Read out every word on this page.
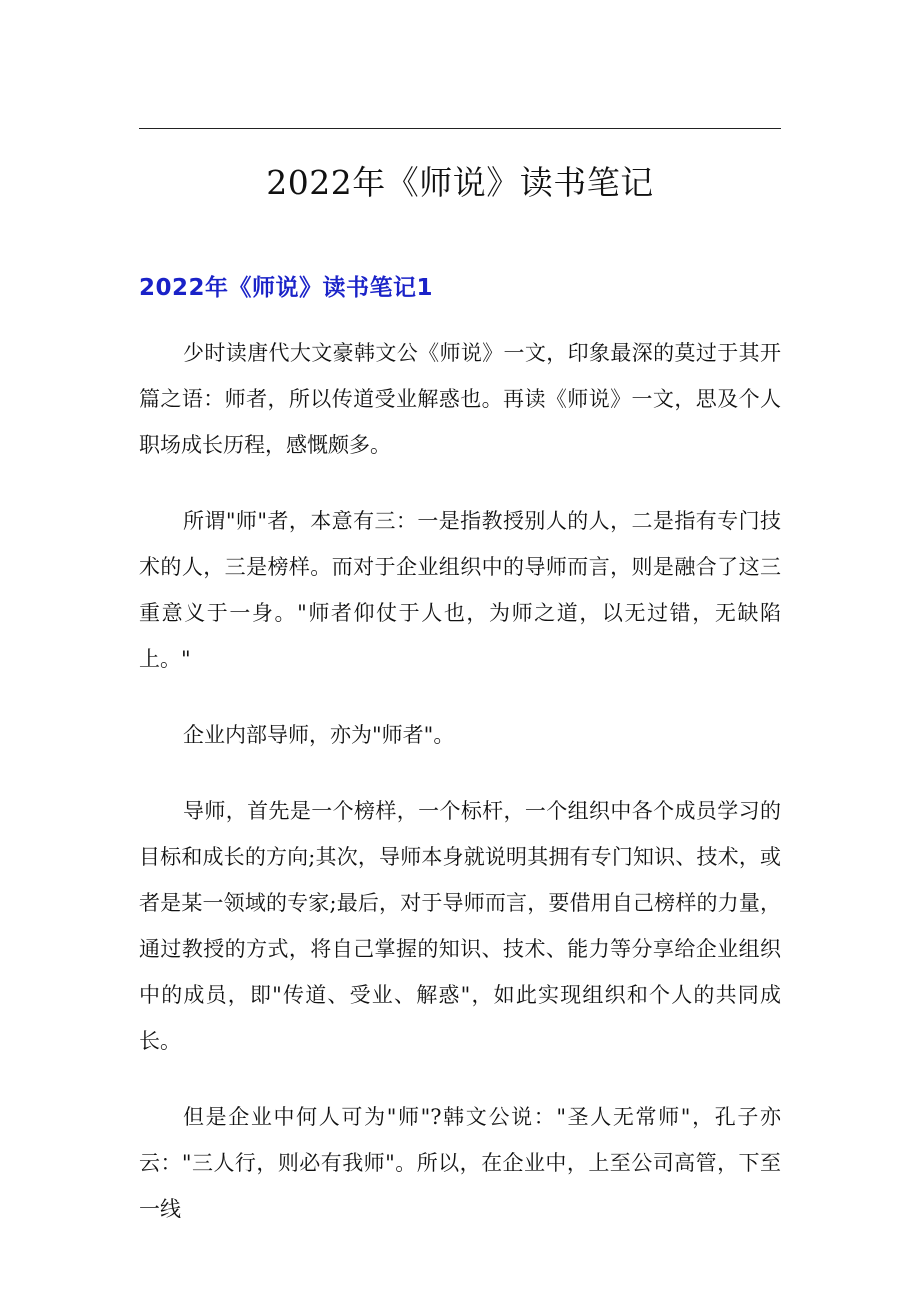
2022年《师说》读书笔记
2022年《师说》读书笔记1

少时读唐代大文豪韩文公《师说》一文，印象最深的莫过于其开篇之语：师者，所以传道受业解惑也。再读《师说》一文，思及个人职场成长历程，感慨颇多。

所谓"师"者，本意有三：一是指教授别人的人，二是指有专门技术的人，三是榜样。而对于企业组织中的导师而言，则是融合了这三重意义于一身。"师者仰仗于人也，为师之道，以无过错，无缺陷上。"

企业内部导师，亦为"师者"。

导师，首先是一个榜样，一个标杆，一个组织中各个成员学习的目标和成长的方向;其次，导师本身就说明其拥有专门知识、技术，或者是某一领域的专家;最后，对于导师而言，要借用自己榜样的力量，通过教授的方式，将自己掌握的知识、技术、能力等分享给企业组织中的成员，即"传道、受业、解惑"，如此实现组织和个人的共同成长。

但是企业中何人可为"师"?韩文公说："圣人无常师"，孔子亦云："三人行，则必有我师"。所以，在企业中，上至公司高管，下至一线
